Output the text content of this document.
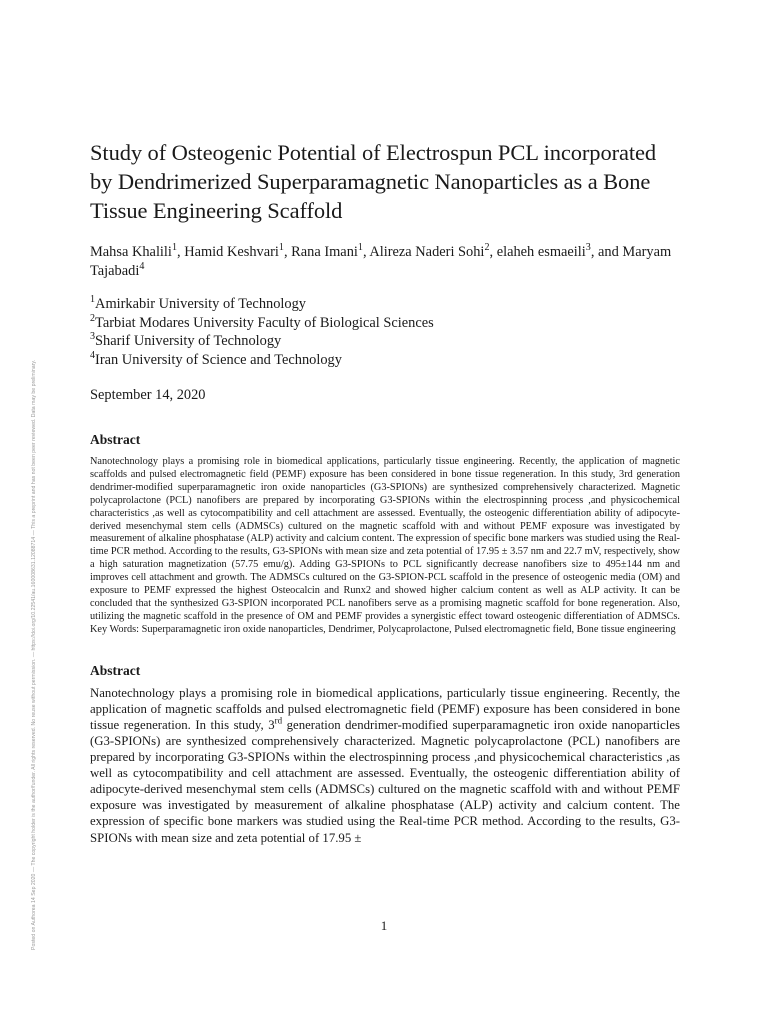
Posted on Authorea 14 Sep 2020 — The copyright holder is the author/funder. All rights reserved. No reuse without permission. — https://doi.org/10.22541/au.160008631.12088714 — This a preprint and has not been peer reviewed. Data may be preliminary.
Study of Osteogenic Potential of Electrospun PCL incorporated by Dendrimerized Superparamagnetic Nanoparticles as a Bone Tissue Engineering Scaffold
Mahsa Khalili$^1$, Hamid Keshvari$^1$, Rana Imani$^1$, Alireza Naderi Sohi$^2$, elaheh esmaeili$^3$, and Maryam Tajabadi$^4$
$^1$Amirkabir University of Technology
$^2$Tarbiat Modares University Faculty of Biological Sciences
$^3$Sharif University of Technology
$^4$Iran University of Science and Technology
September 14, 2020
Abstract
Nanotechnology plays a promising role in biomedical applications, particularly tissue engineering. Recently, the application of magnetic scaffolds and pulsed electromagnetic field (PEMF) exposure has been considered in bone tissue regeneration. In this study, 3rd generation dendrimer-modified superparamagnetic iron oxide nanoparticles (G3-SPIONs) are synthesized comprehensively characterized. Magnetic polycaprolactone (PCL) nanofibers are prepared by incorporating G3-SPIONs within the electrospinning process ,and physicochemical characteristics ,as well as cytocompatibility and cell attachment are assessed. Eventually, the osteogenic differentiation ability of adipocyte-derived mesenchymal stem cells (ADMSCs) cultured on the magnetic scaffold with and without PEMF exposure was investigated by measurement of alkaline phosphatase (ALP) activity and calcium content. The expression of specific bone markers was studied using the Real-time PCR method. According to the results, G3-SPIONs with mean size and zeta potential of 17.95 ± 3.57 nm and 22.7 mV, respectively, show a high saturation magnetization (57.75 emu/g). Adding G3-SPIONs to PCL significantly decrease nanofibers size to 495±144 nm and improves cell attachment and growth. The ADMSCs cultured on the G3-SPION-PCL scaffold in the presence of osteogenic media (OM) and exposure to PEMF expressed the highest Osteocalcin and Runx2 and showed higher calcium content as well as ALP activity. It can be concluded that the synthesized G3-SPION incorporated PCL nanofibers serve as a promising magnetic scaffold for bone regeneration. Also, utilizing the magnetic scaffold in the presence of OM and PEMF provides a synergistic effect toward osteogenic differentiation of ADMSCs. Key Words: Superparamagnetic iron oxide nanoparticles, Dendrimer, Polycaprolactone, Pulsed electromagnetic field, Bone tissue engineering
Abstract
Nanotechnology plays a promising role in biomedical applications, particularly tissue engineering. Recently, the application of magnetic scaffolds and pulsed electromagnetic field (PEMF) exposure has been considered in bone tissue regeneration. In this study, 3rd generation dendrimer-modified superparamagnetic iron oxide nanoparticles (G3-SPIONs) are synthesized comprehensively characterized. Magnetic polycaprolactone (PCL) nanofibers are prepared by incorporating G3-SPIONs within the electrospinning process ,and physicochemical characteristics ,as well as cytocompatibility and cell attachment are assessed. Eventually, the osteogenic differentiation ability of adipocyte-derived mesenchymal stem cells (ADMSCs) cultured on the magnetic scaffold with and without PEMF exposure was investigated by measurement of alkaline phosphatase (ALP) activity and calcium content. The expression of specific bone markers was studied using the Real-time PCR method. According to the results, G3-SPIONs with mean size and zeta potential of 17.95 ±
1
